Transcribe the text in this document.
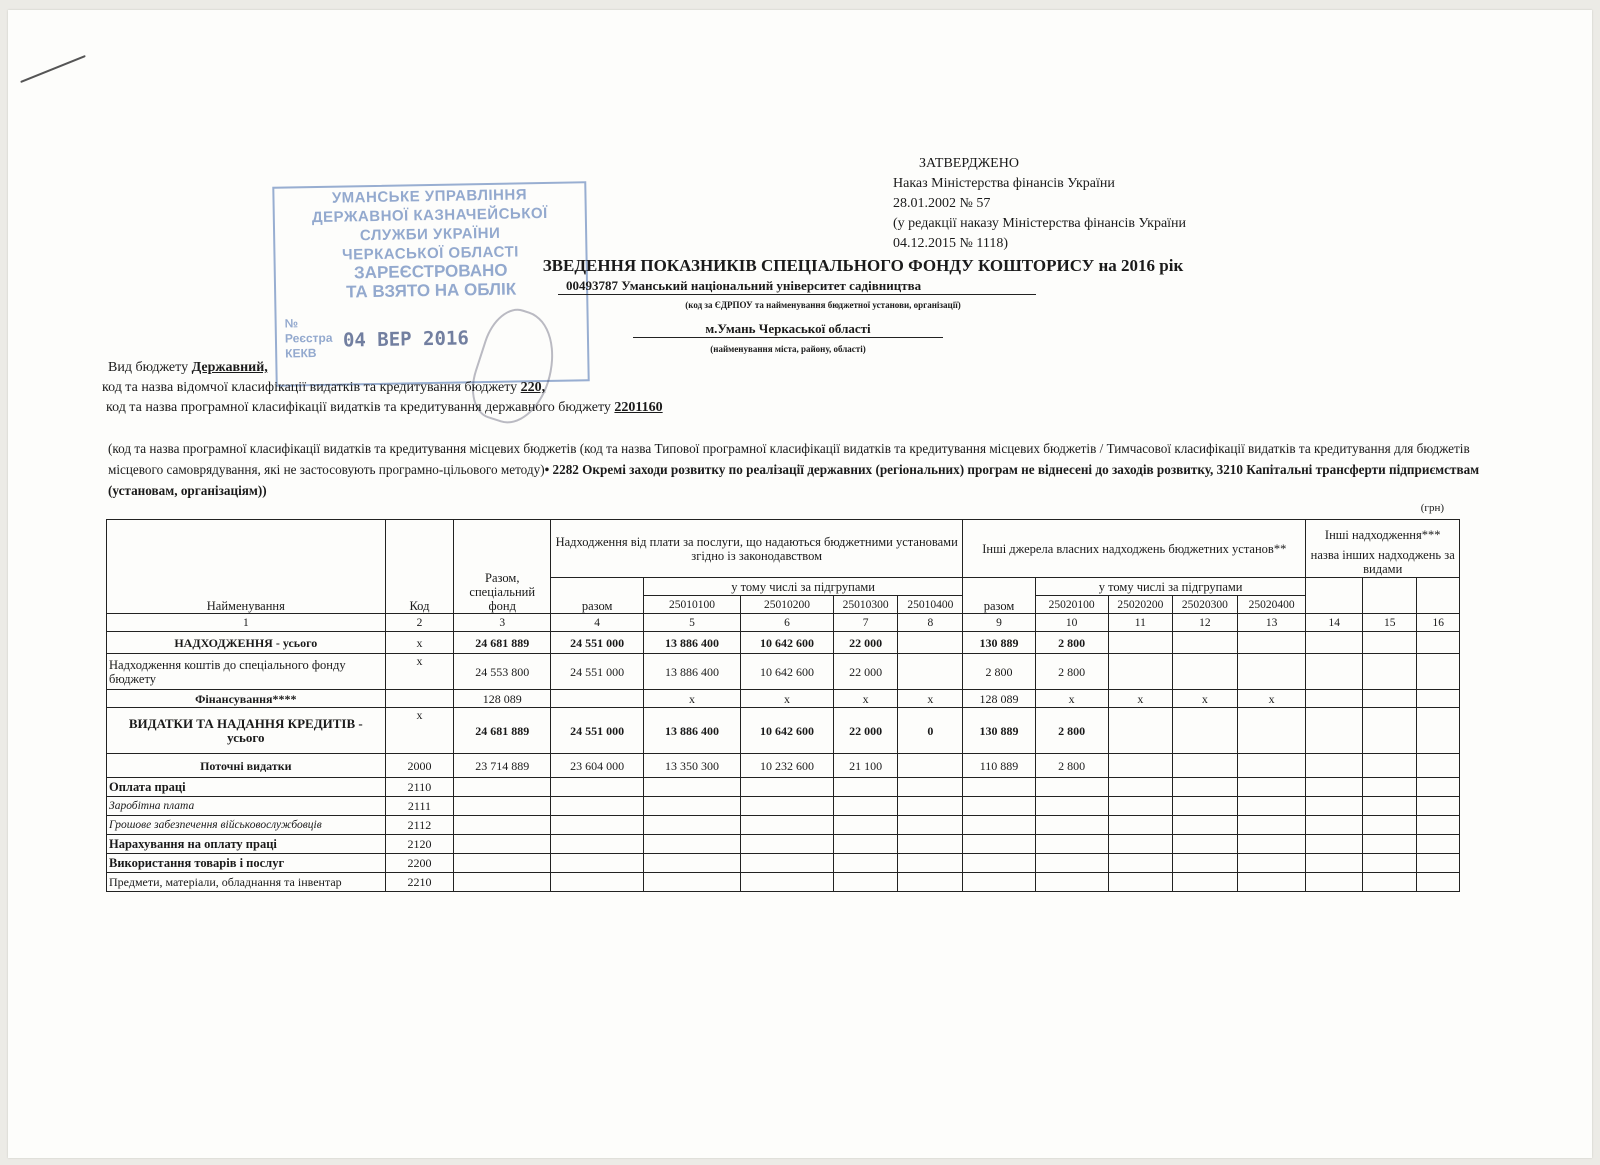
ЗАТВЕРДЖЕНО
Наказ Міністерства фінансів України
28.01.2002 № 57
(у редакції наказу Міністерства фінансів України
04.12.2015 № 1118)
УМАНСЬКЕ УПРАВЛІННЯ
ДЕРЖАВНОЇ КАЗНАЧЕЙСЬКОЇ
СЛУЖБИ УКРАЇНИ
ЧЕРКАСЬКОЇ ОБЛАСТІ
ЗАРЕЄСТРОВАНО
ТА ВЗЯТО НА ОБЛІК
№
Реєстра
КЕКВ
04 ВЕР 2016
ЗВЕДЕННЯ ПОКАЗНИКІВ СПЕЦІАЛЬНОГО ФОНДУ КОШТОРИСУ на 2016 рік
00493787 Уманський національний університет садівництва
(код за ЄДРПОУ та найменування бюджетної установи, організації)
м.Умань Черкаської області
(найменування міста, району, області)
Вид бюджету Державний,
код та назва відомчої класифікації видатків та кредитування бюджету 220,
код та назва програмної класифікації видатків та кредитування державного бюджету 2201160
(код та назва програмної класифікації видатків та кредитування місцевих бюджетів (код та назва Типової програмної класифікації видатків та кредитування місцевих бюджетів / Тимчасової класифікації видатків та кредитування для бюджетів місцевого самоврядування, які не застосовують програмно-цільового методу)• 2282 Окремі заходи розвитку по реалізації державних (регіональних) програм не віднесені до заходів розвитку, 3210 Капітальні трансферти підприємствам (установам, організаціям))
(грн)
Найменування	Код	Разом, спеціальний фонд	Надходження від плати за послуги, що надаються бюджетними установами згідно із законодавством					Інші джерела власних надходжень бюджетних установ**					Інші надходження***
назва інших надходжень за видами		

			разом	у тому числі за підгрупами				разом	у тому числі за підгрупами						
				25010100	25010200	25010300	25010400		25020100	25020200	25020300	25020400			
1	2	3	4	5	6	7	8	9	10	11	12	13	14	15	16
НАДХОДЖЕННЯ - усього	х	24 681 889	24 551 000	13 886 400	10 642 600	22 000		130 889	2 800						
Надходження коштів до спеціального фонду бюджету	х	24 553 800	24 551 000	13 886 400	10 642 600	22 000		2 800	2 800						
Фінансування****		128 089		х	х	х	х	128 089	х	х	х	х			
ВИДАТКИ ТА НАДАННЯ КРЕДИТІВ - усього	х	24 681 889	24 551 000	13 886 400	10 642 600	22 000	0	130 889	2 800						
Поточні видатки	2000	23 714 889	23 604 000	13 350 300	10 232 600	21 100		110 889	2 800						
Оплата праці	2110														
Заробітна плата	2111														
Грошове забезпечення військовослужбовців	2112														
Нарахування на оплату праці	2120														
Використання товарів і послуг	2200														
Предмети, матеріали, обладнання та інвентар	2210														
